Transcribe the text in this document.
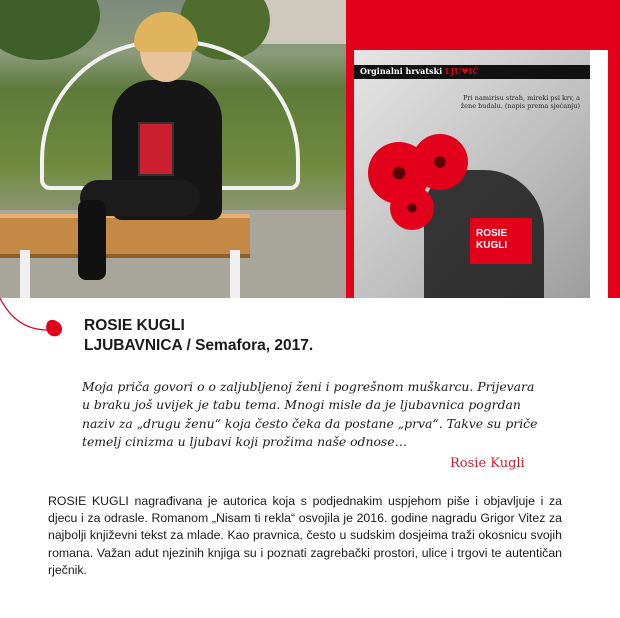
Orginalni hrvatski LJU♥IĆ
Pri namirisu strah, mireki psi krv, a žene budalu. (napis prema sjećanju)
ROSIE
KUGLI
ROSIE KUGLI
LJUBAVNICA / Semafora, 2017.
Moja priča govori o o zaljubljenoj ženi i pogrešnom muškarcu. Prijevara u braku još uvijek je tabu tema. Mnogi misle da je ljubavnica pogrdan naziv za „drugu ženu“ koja često čeka da postane „prva“. Takve su priče temelj cinizma u ljubavi koji prožima naše odnose…
Rosie Kugli
ROSIE KUGLI nagrađivana je autorica koja s podjednakim uspjehom piše i objavljuje i za djecu i za odrasle. Romanom „Nisam ti rekla“ osvojila je 2016. godine nagradu Grigor Vitez za najbolji književni tekst za mlade. Kao pravnica, često u sudskim dosjeima traži okosnicu svojih romana. Važan adut njezinih knjiga su i poznati zagrebački prostori, ulice i trgovi te autentičan rječnik.
